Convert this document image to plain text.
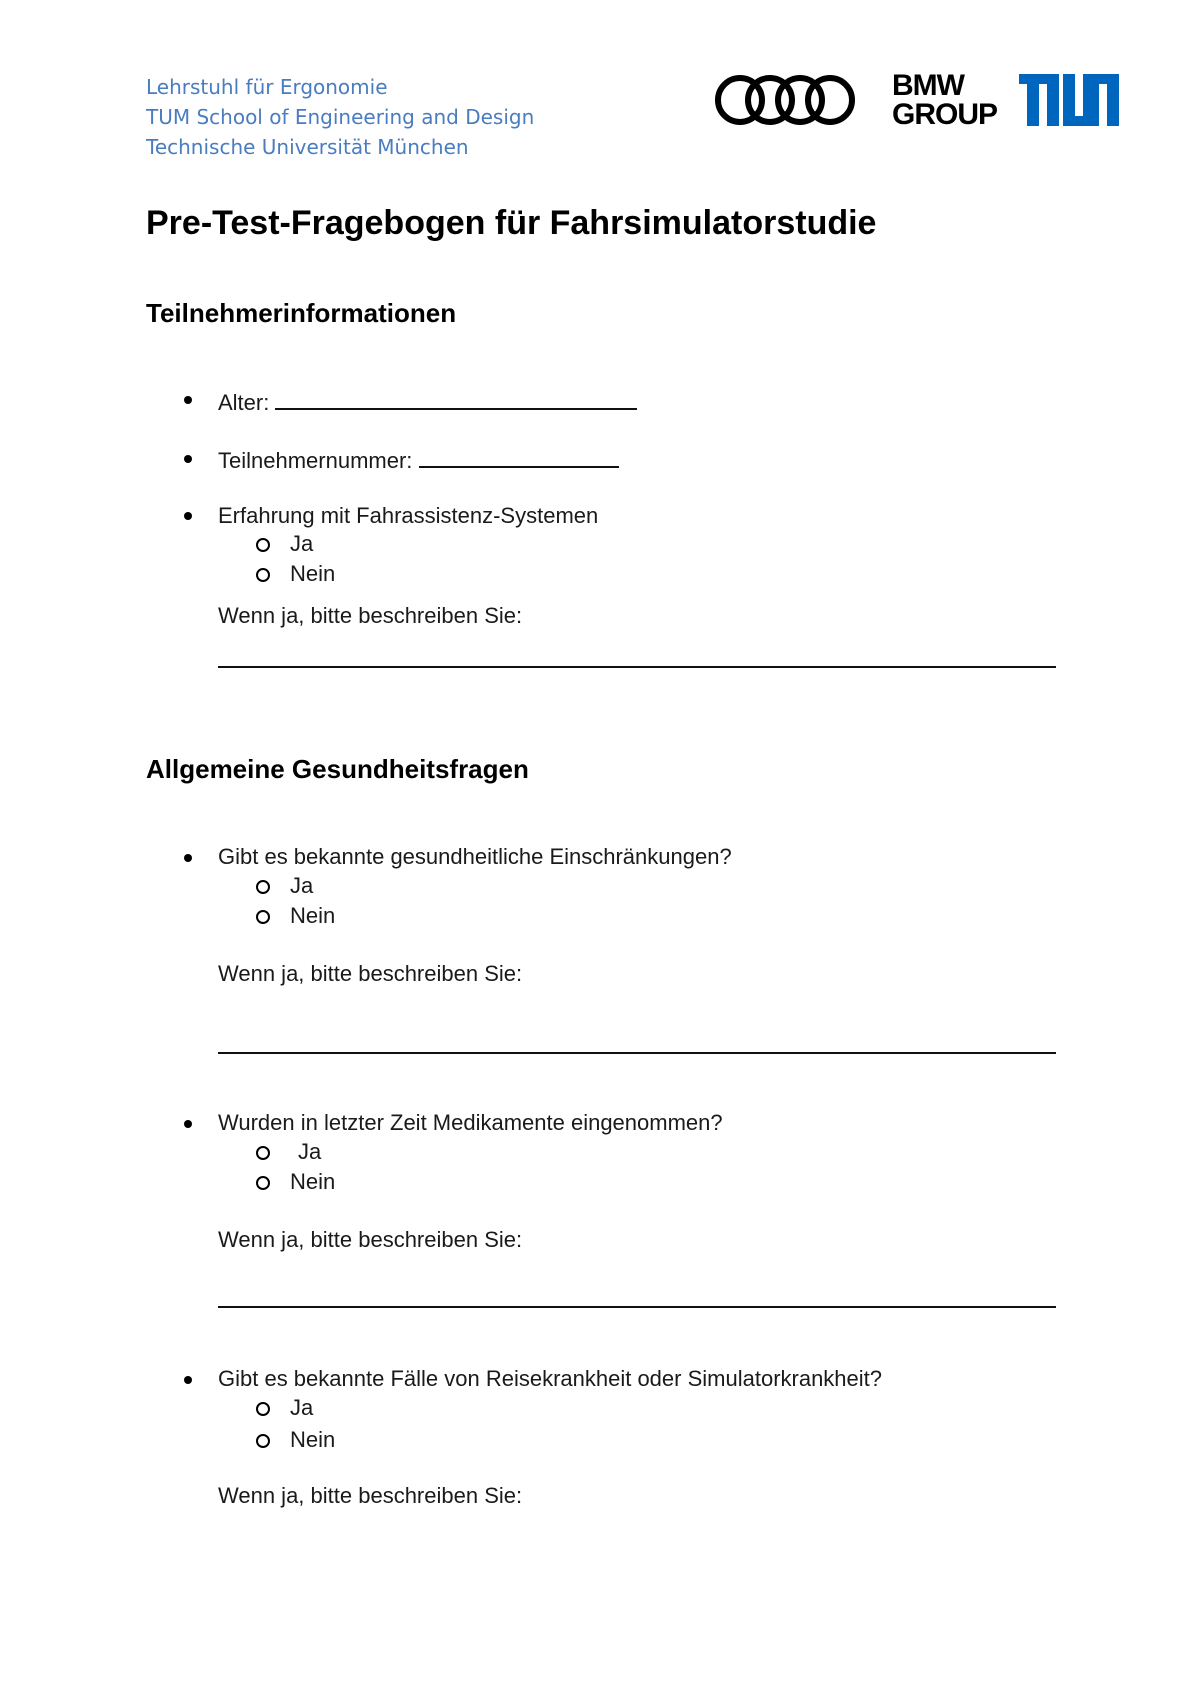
Lehrstuhl für Ergonomie
TUM School of Engineering and Design
Technische Universität München
BMW
GROUP
Pre-Test-Fragebogen für Fahrsimulatorstudie
Teilnehmerinformationen
Alter:
Teilnehmernummer:
Erfahrung mit Fahrassistenz-Systemen
Ja
Nein
Wenn ja, bitte beschreiben Sie:
Allgemeine Gesundheitsfragen
Gibt es bekannte gesundheitliche Einschränkungen?
Ja
Nein
Wenn ja, bitte beschreiben Sie:
Wurden in letzter Zeit Medikamente eingenommen?
Ja
Nein
Wenn ja, bitte beschreiben Sie:
Gibt es bekannte Fälle von Reisekrankheit oder Simulatorkrankheit?
Ja
Nein
Wenn ja, bitte beschreiben Sie:
